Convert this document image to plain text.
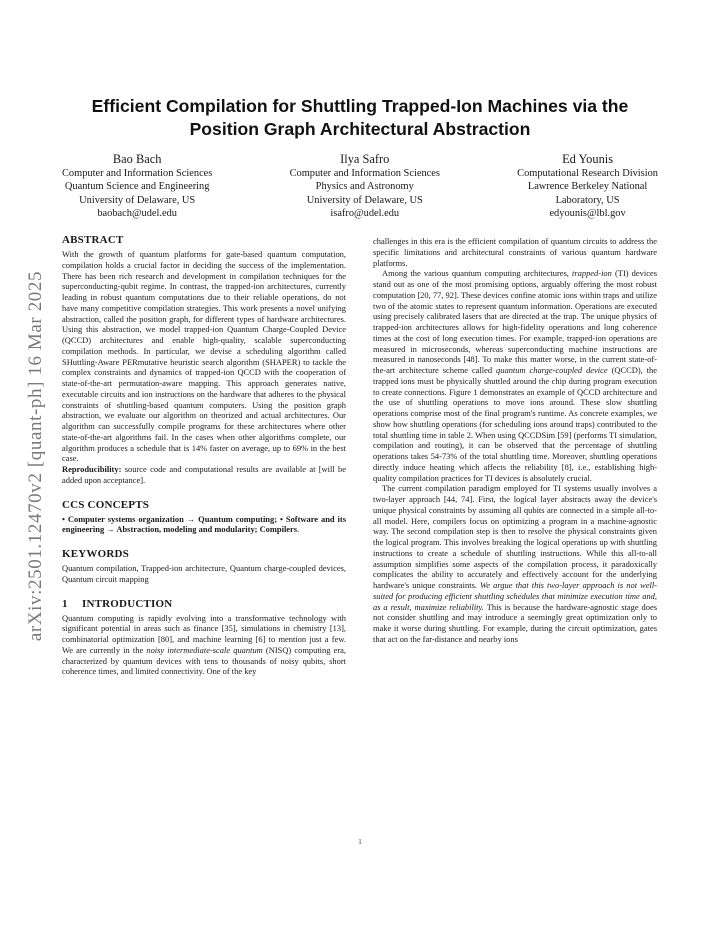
arXiv:2501.12470v2 [quant-ph] 16 Mar 2025
Efficient Compilation for Shuttling Trapped-Ion Machines via the
Position Graph Architectural Abstraction
Bao Bach
Computer and Information Sciences
Quantum Science and Engineering
University of Delaware, US
baobach@udel.edu
Ilya Safro
Computer and Information Sciences
Physics and Astronomy
University of Delaware, US
isafro@udel.edu
Ed Younis
Computational Research Division
Lawrence Berkeley National
Laboratory, US
edyounis@lbl.gov
ABSTRACT

With the growth of quantum platforms for gate-based quantum computation, compilation holds a crucial factor in deciding the success of the implementation. There has been rich research and development in compilation techniques for the superconducting-qubit regime. In contrast, the trapped-ion architectures, currently leading in robust quantum computations due to their reliable operations, do not have many competitive compilation strategies. This work presents a novel unifying abstraction, called the position graph, for different types of hardware architectures. Using this abstraction, we model trapped-ion Quantum Charge-Coupled Device (QCCD) architectures and enable high-quality, scalable superconducting compilation methods. In particular, we devise a scheduling algorithm called SHuttling-Aware PERmutative heuristic search algorithm (SHAPER) to tackle the complex constraints and dynamics of trapped-ion QCCD with the cooperation of state-of-the-art permutation-aware mapping. This approach generates native, executable circuits and ion instructions on the hardware that adheres to the physical constraints of shuttling-based quantum computers. Using the position graph abstraction, we evaluate our algorithm on theorized and actual architectures. Our algorithm can successfully compile programs for these architectures where other state-of-the-art algorithms fail. In the cases when other algorithms complete, our algorithm produces a schedule that is 14% faster on average, up to 69% in the best case.

Reproducibility: source code and computational results are available at [will be added upon acceptance].

CCS CONCEPTS

• Computer systems organization → Quantum computing; • Software and its engineering → Abstraction, modeling and modularity; Compilers.

KEYWORDS

Quantum compilation, Trapped-ion architecture, Quantum charge-coupled devices, Quantum circuit mapping

1 INTRODUCTION

Quantum computing is rapidly evolving into a transformative technology with significant potential in areas such as finance [35], simulations in chemistry [13], combinatorial optimization [80], and machine learning [6] to mention just a few. We are currently in the noisy intermediate-scale quantum (NISQ) computing era, characterized by quantum devices with tens to thousands of noisy qubits, short coherence times, and limited connectivity. One of the key

challenges in this era is the efficient compilation of quantum circuits to address the specific limitations and architectural constraints of various quantum hardware platforms.

Among the various quantum computing architectures, trapped-ion (TI) devices stand out as one of the most promising options, arguably offering the most robust computation [20, 77, 92]. These devices confine atomic ions within traps and utilize two of the atomic states to represent quantum information. Operations are executed using precisely calibrated lasers that are directed at the trap. The unique physics of trapped-ion architectures allows for high-fidelity operations and long coherence times at the cost of long execution times. For example, trapped-ion operations are measured in microseconds, whereas superconducting machine instructions are measured in nanoseconds [48]. To make this matter worse, in the current state-of-the-art architecture scheme called quantum charge-coupled device (QCCD), the trapped ions must be physically shuttled around the chip during program execution to create connections. Figure 1 demonstrates an example of QCCD architecture and the use of shuttling operations to move ions around. These slow shuttling operations comprise most of the final program's runtime. As concrete examples, we show how shuttling operations (for scheduling ions around traps) contributed to the total shuttling time in table 2. When using QCCDSim [59] (performs TI simulation, compilation and routing), it can be observed that the percentage of shuttling operations takes 54-73% of the total shuttling time. Moreover, shuttling operations directly induce heating which affects the reliability [8], i.e., establishing high-quality compilation practices for TI devices is absolutely crucial.

The current compilation paradigm employed for TI systems usually involves a two-layer approach [44, 74]. First, the logical layer abstracts away the device's unique physical constraints by assuming all qubits are connected in a simple all-to-all model. Here, compilers focus on optimizing a program in a machine-agnostic way. The second compilation step is then to resolve the physical constraints given the logical program. This involves breaking the logical operations up with shuttling instructions to create a schedule of shuttling instructions. While this all-to-all assumption simplifies some aspects of the compilation process, it paradoxically complicates the ability to accurately and effectively account for the underlying hardware's unique constraints. We argue that this two-layer approach is not well-suited for producing efficient shuttling schedules that minimize execution time and, as a result, maximize reliability. This is because the hardware-agnostic stage does not consider shuttling and may introduce a seemingly great optimization only to make it worse during shuttling. For example, during the circuit optimization, gates that act on the far-distance and nearby ions

1
